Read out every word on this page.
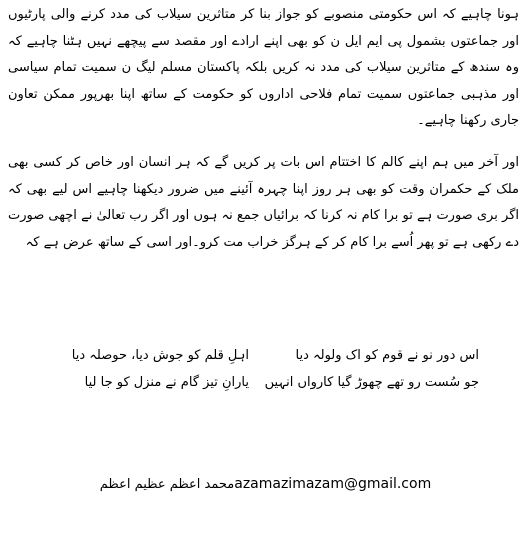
ہونا چاہیے کہ اس حکومتی منصوبے کو جواز بنا کر متاثرین سیلاب کی مدد کرنے والی پارٹیوں اور جماعتوں بشمول پی ایم ایل ن کو بھی اپنے ارادے اور مقصد سے پیچھے نہیں ہٹنا چاہیے کہ وہ سندھ کے متاثرین سیلاب کی مدد نہ کریں بلکہ پاکستان مسلم لیگ ن سمیت تمام سیاسی اور مذہبی جماعتوں سمیت تمام فلاحی اداروں کو حکومت کے ساتھ اپنا بھرپور ممکن تعاون جاری رکھنا چاہیے۔

اور آخر میں ہم اپنے کالم کا اختتام اس بات پر کریں گے کہ ہر انسان اور خاص کر کسی بھی ملک کے حکمران وقت کو بھی ہر روز اپنا چہرہ آئینے میں ضرور دیکھنا چاہیے اس لیے بھی کہ اگر بری صورت ہے تو برا کام نہ کرنا کہ برائیاں جمع نہ ہوں اور اگر رب تعالیٰ نے اچھی صورت دے رکھی ہے تو پھر اُسے برا کام کر کے ہرگز خراب مت کرو۔اور اسی کے ساتھ عرض ہے کہ

اس دور نو نے قوم کو اک ولولہ دیا
اہلِ قلم کو جوش دیا، حوصلہ دیا
جو سُست رو تھے چھوڑ گیا کارواں انہیں
یارانِ تیز گام نے منزل کو جا لیا
azamazimazam@gmail.comمحمد اعظم عظیم اعظم
